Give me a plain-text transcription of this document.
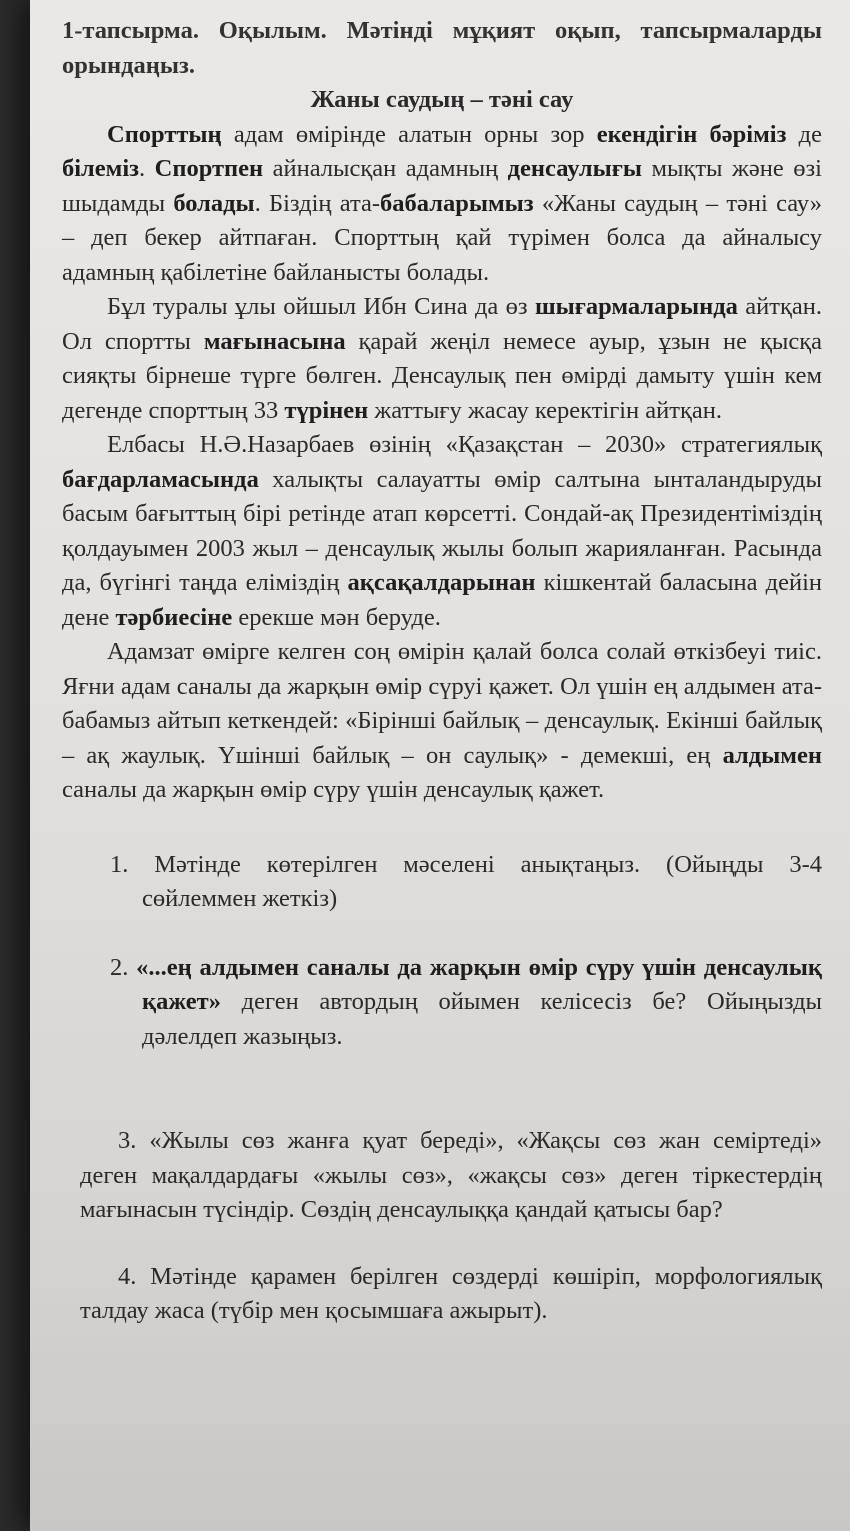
1-тапсырма. Оқылым. Мәтінді мұқият оқып, тапсырмаларды орындаңыз.

Жаны саудың – тәні сау

Спорттың адам өмірінде алатын орны зор екендігін бәріміз де білеміз. Спортпен айналысқан адамның денсаулығы мықты және өзі шыдамды болады. Біздің ата-бабаларымыз «Жаны саудың – тәні сау» – деп бекер айтпаған. Спорттың қай түрімен болса да айналысу адамның қабілетіне байланысты болады.

Бұл туралы ұлы ойшыл Ибн Сина да өз шығармаларында айтқан. Ол спортты мағынасына қарай жеңіл немесе ауыр, ұзын не қысқа сияқты бірнеше түрге бөлген. Денсаулық пен өмірді дамыту үшін кем дегенде спорттың 33 түрінен жаттығу жасау керектігін айтқан.

Елбасы Н.Ә.Назарбаев өзінің «Қазақстан – 2030» стратегиялық бағдарламасында халықты салауатты өмір салтына ынталандыруды басым бағыттың бірі ретінде атап көрсетті. Сондай-ақ Президентіміздің қолдауымен 2003 жыл – денсаулық жылы болып жарияланған. Расында да, бүгінгі таңда еліміздің ақсақалдарынан кішкентай баласына дейін дене тәрбиесіне ерекше мән беруде.

Адамзат өмірге келген соң өмірін қалай болса солай өткізбеуі тиіс. Яғни адам саналы да жарқын өмір сүруі қажет. Ол үшін ең алдымен ата-бабамыз айтып кеткендей: «Бірінші байлық – денсаулық. Екінші байлық – ақ жаулық. Үшінші байлық – он саулық» - демекші, ең алдымен саналы да жарқын өмір сүру үшін денсаулық қажет.

1. Мәтінде көтерілген мәселені анықтаңыз. (Ойыңды 3-4 сөйлеммен жеткіз)
2. «...ең алдымен саналы да жарқын өмір сүру үшін денсаулық қажет» деген автордың ойымен келісесіз бе? Ойыңызды дәлелдеп жазыңыз.
3. «Жылы сөз жанға қуат береді», «Жақсы сөз жан семіртеді» деген мақалдардағы «жылы сөз», «жақсы сөз» деген тіркестердің мағынасын түсіндір. Сөздің денсаулыққа қандай қатысы бар?
4. Мәтінде қарамен берілген сөздерді көшіріп, морфологиялық талдау жаса (түбір мен қосымшаға ажырыт).
